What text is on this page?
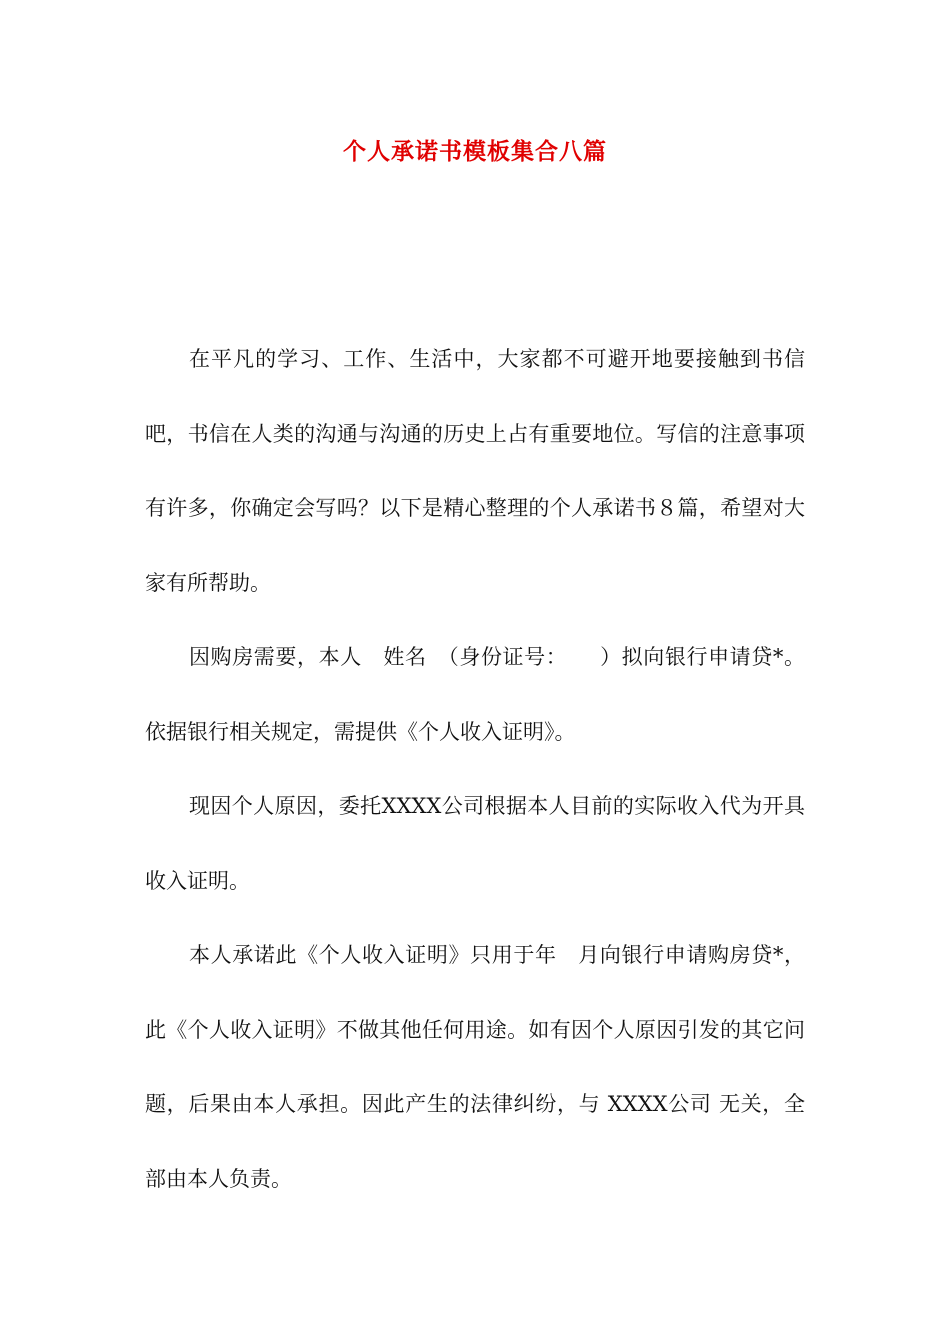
个人承诺书模板集合八篇

在平凡的学习、工作、生活中，大家都不可避开地要接触到书信吧，书信在人类的沟通与沟通的历史上占有重要地位。写信的注意事项有许多，你确定会写吗？以下是精心整理的个人承诺书８篇，希望对大家有所帮助。

因购房需要，本人　姓名　（身份证号：　　）拟向银行申请贷*。依据银行相关规定，需提供《个人收入证明》。

现因个人原因，委托XXXX公司根据本人目前的实际收入代为开具收入证明。

本人承诺此《个人收入证明》只用于年　月向银行申请购房贷*，此《个人收入证明》不做其他任何用途。如有因个人原因引发的其它问题，后果由本人承担。因此产生的法律纠纷，与 XXXX公司 无关，全部由本人负责。
